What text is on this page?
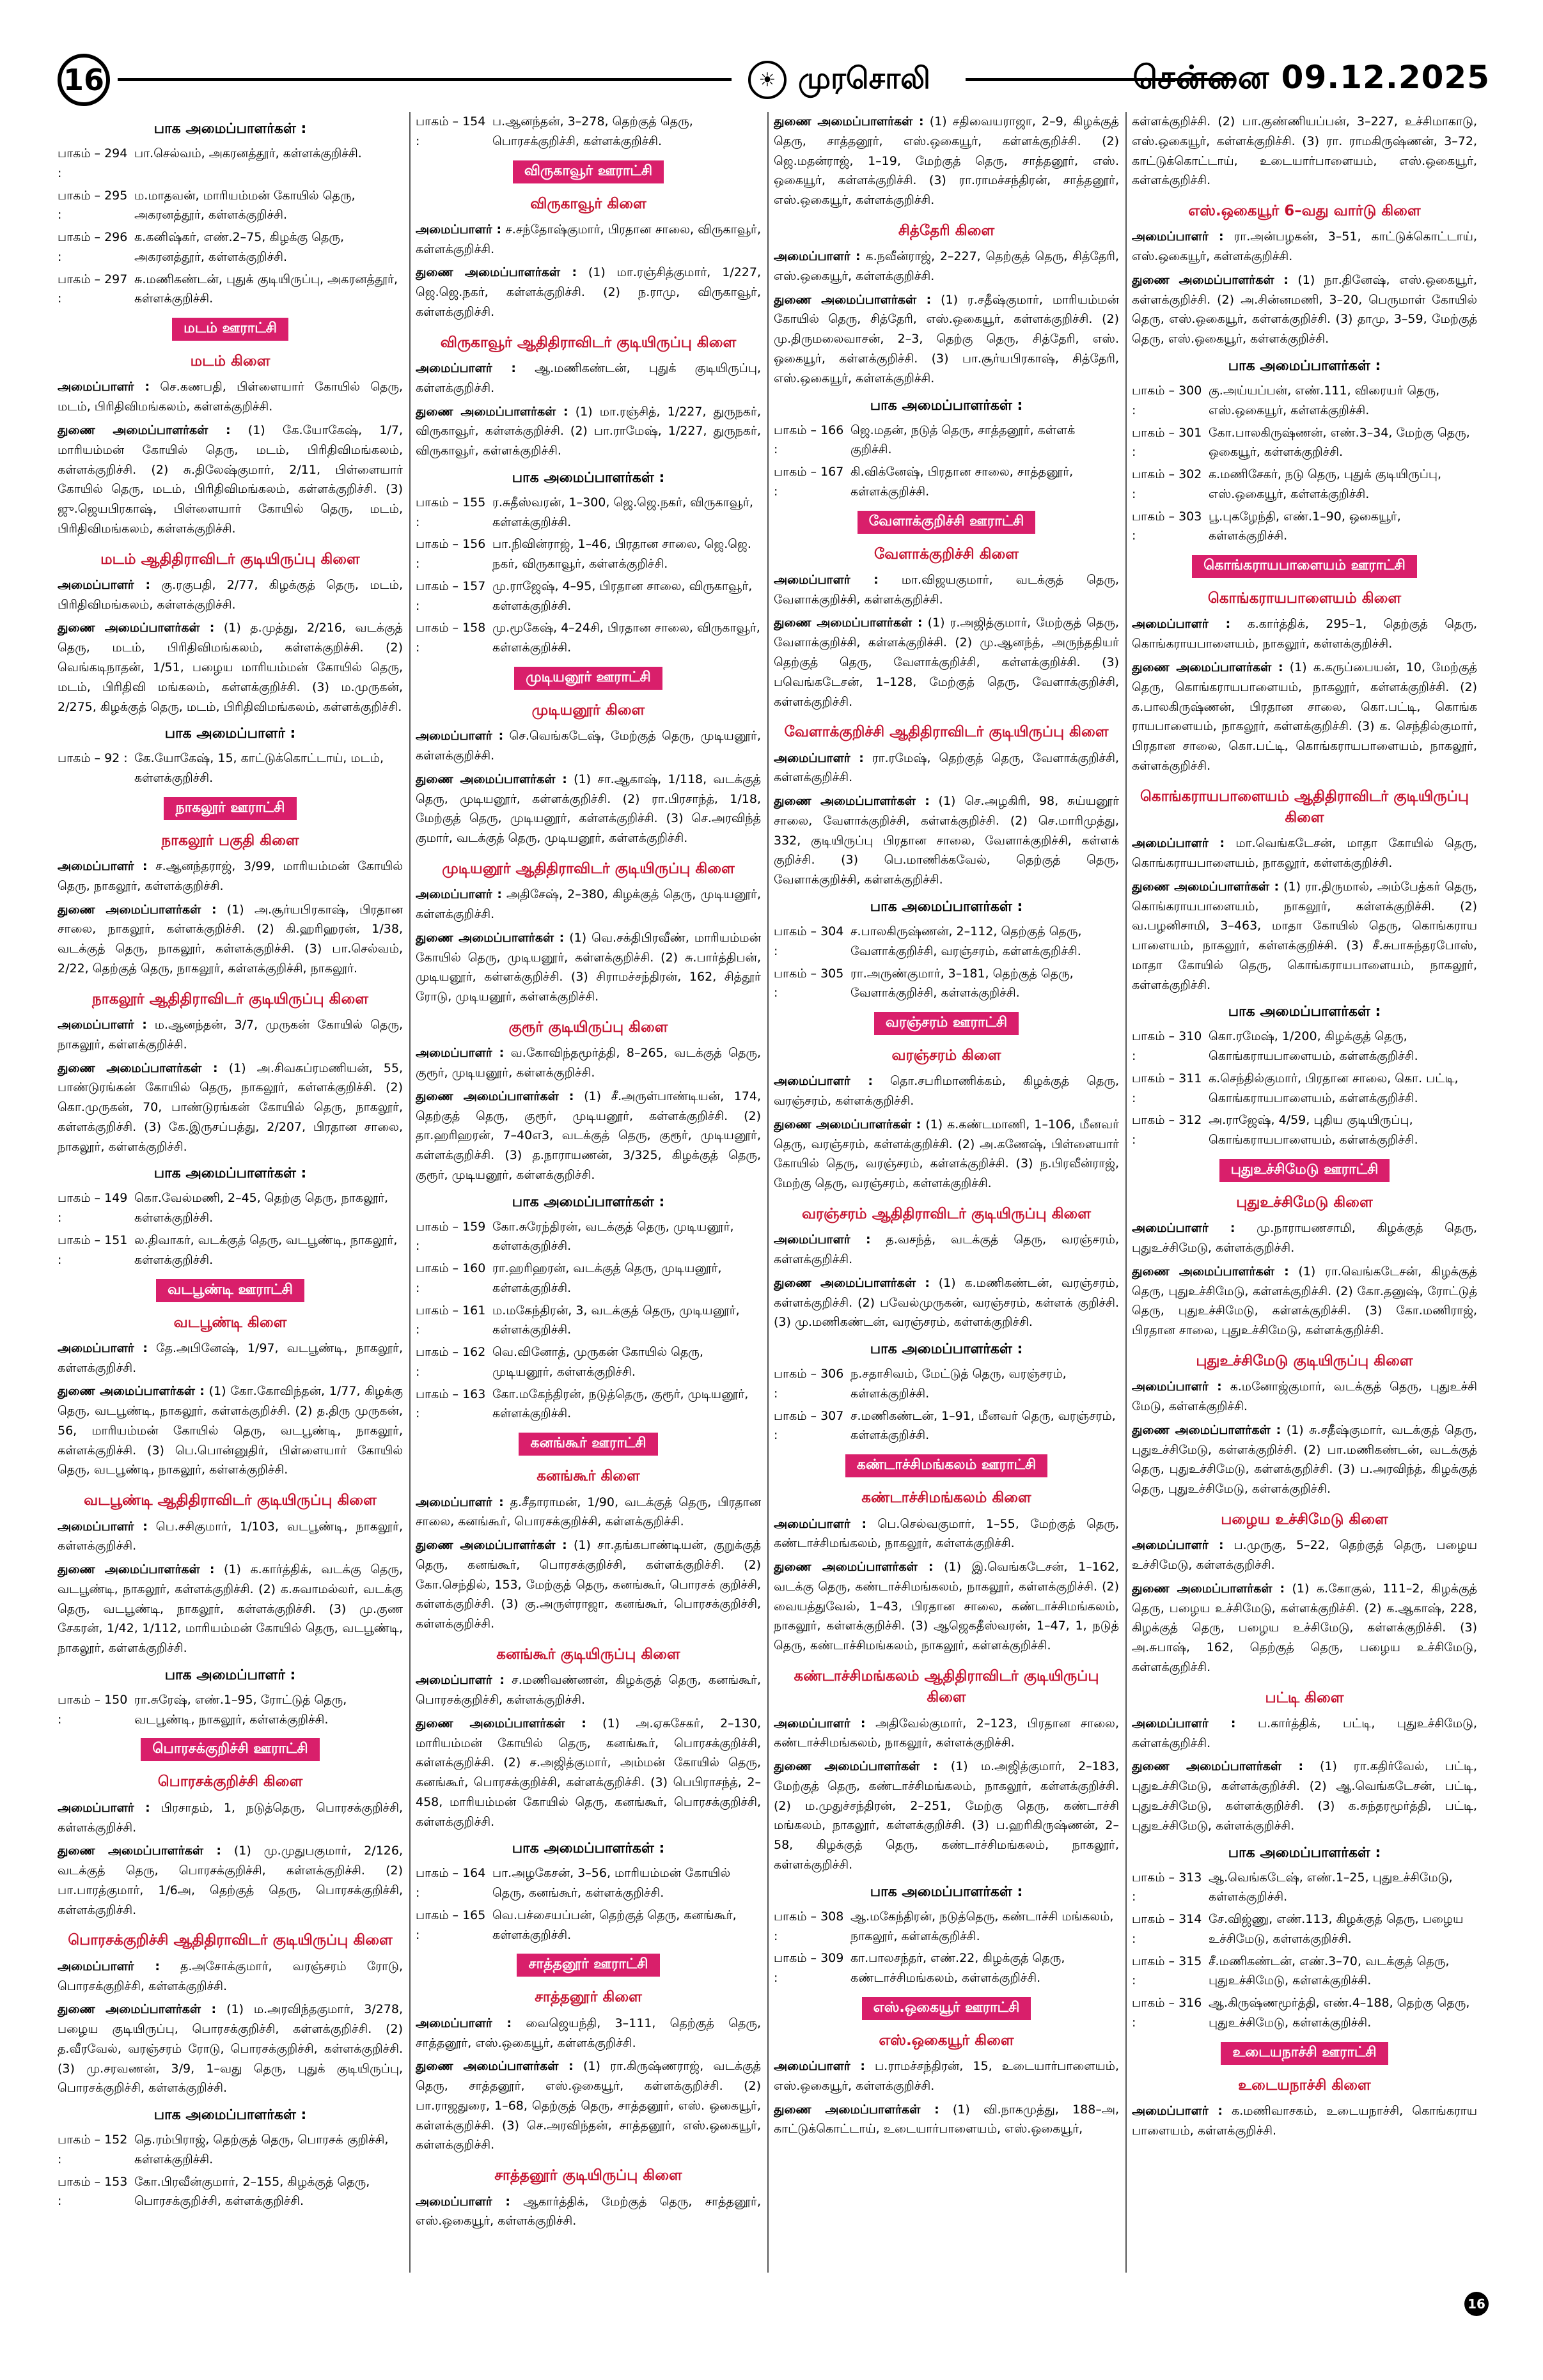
16	☀ முரசொலி	சென்னை 09.12.2025
பாக அமைப்பாளர்கள் :
பாகம் – 294 :
பா.செல்வம், அகரனத்தூர், கள்ளக்குறிச்சி.
பாகம் – 295 :
ம.மாதவன், மாரியம்மன் கோயில் தெரு, அகரனத்தூர், கள்ளக்குறிச்சி.
பாகம் – 296 :
க.கனிஷ்கர், எண்.2–75, கிழக்கு தெரு, அகரனத்தூர், கள்ளக்குறிச்சி.
பாகம் – 297 :
சு.மணிகண்டன், புதுக் குடியிருப்பு, அகரனத்தூர், கள்ளக்குறிச்சி.
மடம் ஊராட்சி
மடம் கிளை

அமைப்பாளர் : செ.கணபதி, பிள்ளையார் கோயில் தெரு, மடம், பிரிதிவிமங்கலம், கள்ளக்குறிச்சி.

துணை அமைப்பாளர்கள் : (1) கே.யோகேஷ், 1/7, மாரியம்மன் கோயில் தெரு, மடம், பிரிதிவிமங்கலம், கள்ளக்குறிச்சி. (2) சு.திலேஷ்குமார், 2/11, பிள்ளையார் கோயில் தெரு, மடம், பிரிதிவிமங்கலம், கள்ளக்குறிச்சி. (3) ஜு.ஜெயபிரகாஷ், பிள்ளையார் கோயில் தெரு, மடம், பிரிதிவிமங்கலம், கள்ளக்குறிச்சி.

மடம் ஆதிதிராவிடர் குடியிருப்பு கிளை

அமைப்பாளர் : கு.ரகுபதி, 2/77, கிழக்குத் தெரு, மடம், பிரிதிவிமங்கலம், கள்ளக்குறிச்சி.

துணை அமைப்பாளர்கள் : (1) த.முத்து, 2/216, வடக்குத் தெரு, மடம், பிரிதிவிமங்கலம், கள்ளக்குறிச்சி. (2) வெங்கடிநாதன், 1/51, பழைய மாரியம்மன் கோயில் தெரு, மடம், பிரிதிவி மங்கலம், கள்ளக்குறிச்சி. (3) ம.முருகன், 2/275, கிழக்குத் தெரு, மடம், பிரிதிவிமங்கலம், கள்ளக்குறிச்சி.

பாக அமைப்பாளர் :
பாகம் – 92 : கே.யோகேஷ், 15, காட்டுக்கொட்டாய், மடம், கள்ளக்குறிச்சி.
நாகலூர் ஊராட்சி
நாகலூர் பகுதி கிளை

அமைப்பாளர் : ச.ஆனந்தராஜ், 3/99, மாரியம்மன் கோயில் தெரு, நாகலூர், கள்ளக்குறிச்சி.

துணை அமைப்பாளர்கள் : (1) அ.சூர்யபிரகாஷ், பிரதான சாலை, நாகலூர், கள்ளக்குறிச்சி. (2) கி.ஹரிஹரன், 1/38, வடக்குத் தெரு, நாகலூர், கள்ளக்குறிச்சி. (3) பா.செல்வம், 2/22, தெற்குத் தெரு, நாகலூர், கள்ளக்குறிச்சி, நாகலூர்.

நாகலூர் ஆதிதிராவிடர் குடியிருப்பு கிளை

அமைப்பாளர் : ம.ஆனந்தன், 3/7, முருகன் கோயில் தெரு, நாகலூர், கள்ளக்குறிச்சி.

துணை அமைப்பாளர்கள் : (1) அ.சிவசுப்ரமணியன், 55, பாண்டுரங்கன் கோயில் தெரு, நாகலூர், கள்ளக்குறிச்சி. (2) கொ.முருகன், 70, பாண்டுரங்கன் கோயில் தெரு, நாகலூர், கள்ளக்குறிச்சி. (3) கே.இருசப்பத்து, 2/207, பிரதான சாலை, நாகலூர், கள்ளக்குறிச்சி.

பாக அமைப்பாளர்கள் :
பாகம் – 149 :
கொ.வேல்மணி, 2–45, தெற்கு தெரு, நாகலூர், கள்ளக்குறிச்சி.
பாகம் – 151 :
ல.திவாகர், வடக்குத் தெரு, வடபூண்டி, நாகலூர், கள்ளக்குறிச்சி.
வடபூண்டி ஊராட்சி
வடபூண்டி கிளை

அமைப்பாளர் : தே.அபினேஷ், 1/97, வடபூண்டி, நாகலூர், கள்ளக்குறிச்சி.

துணை அமைப்பாளர்கள் : (1) கோ.கோவிந்தன், 1/77, கிழக்கு தெரு, வடபூண்டி, நாகலூர், கள்ளக்குறிச்சி. (2) த.திரு முருகன், 56, மாரியம்மன் கோயில் தெரு, வடபூண்டி, நாகலூர், கள்ளக்குறிச்சி. (3) பெ.பொன்னுதிர், பிள்ளையார் கோயில் தெரு, வடபூண்டி, நாகலூர், கள்ளக்குறிச்சி.

வடபூண்டி ஆதிதிராவிடர் குடியிருப்பு கிளை

அமைப்பாளர் : பெ.சசிகுமார், 1/103, வடபூண்டி, நாகலூர், கள்ளக்குறிச்சி.

துணை அமைப்பாளர்கள் : (1) க.கார்த்திக், வடக்கு தெரு, வடபூண்டி, நாகலூர், கள்ளக்குறிச்சி. (2) க.சுவாமல்லர், வடக்கு தெரு, வடபூண்டி, நாகலூர், கள்ளக்குறிச்சி. (3) மு.குண சேகரன், 1/42, 1/112, மாரியம்மன் கோயில் தெரு, வடபூண்டி, நாகலூர், கள்ளக்குறிச்சி.

பாக அமைப்பாளர் :
பாகம் – 150 :
ரா.சுரேஷ், எண்.1–95, ரோட்டுத் தெரு, வடபூண்டி, நாகலூர், கள்ளக்குறிச்சி.
பொரசக்குறிச்சி ஊராட்சி
பொரசக்குறிச்சி கிளை

அமைப்பாளர் : பிரசாதம், 1, நடுத்தெரு, பொரசக்குறிச்சி, கள்ளக்குறிச்சி.

துணை அமைப்பாளர்கள் : (1) மு.முதுபகுமார், 2/126, வடக்குத் தெரு, பொரசக்குறிச்சி, கள்ளக்குறிச்சி. (2) பா.பாரத்குமார், 1/6அ, தெற்குத் தெரு, பொரசக்குறிச்சி, கள்ளக்குறிச்சி.

பொரசக்குறிச்சி ஆதிதிராவிடர் குடியிருப்பு கிளை

அமைப்பாளர் : த.அசோக்குமார், வரஞ்சரம் ரோடு, பொரசக்குறிச்சி, கள்ளக்குறிச்சி.

துணை அமைப்பாளர்கள் : (1) ம.அரவிந்தகுமார், 3/278, பழைய குடியிருப்பு, பொரசக்குறிச்சி, கள்ளக்குறிச்சி. (2) த.வீரவேல், வரஞ்சரம் ரோடு, பொரசக்குறிச்சி, கள்ளக்குறிச்சி. (3) மு.சரவணன், 3/9, 1–வது தெரு, புதுக் குடியிருப்பு, பொரசக்குறிச்சி, கள்ளக்குறிச்சி.

பாக அமைப்பாளர்கள் :
பாகம் – 152 :
தெ.ரம்பிராஜ், தெற்குத் தெரு, பொரசக் குறிச்சி, கள்ளக்குறிச்சி.
பாகம் – 153 :
கோ.பிரவீன்குமார், 2–155, கிழக்குத் தெரு, பொரசக்குறிச்சி, கள்ளக்குறிச்சி.
பாகம் – 154 :
ப.ஆனந்தன், 3–278, தெற்குத் தெரு, பொரசக்குறிச்சி, கள்ளக்குறிச்சி.
விருகாவூர் ஊராட்சி
விருகாவூர் கிளை

அமைப்பாளர் : ச.சந்தோஷ்குமார், பிரதான சாலை, விருகாவூர், கள்ளக்குறிச்சி.

துணை அமைப்பாளர்கள் : (1) மா.ரஞ்சித்குமார், 1/227, ஜெ.ஜெ.நகர், கள்ளக்குறிச்சி. (2) ந.ராமு, விருகாவூர், கள்ளக்குறிச்சி.

விருகாவூர் ஆதிதிராவிடர் குடியிருப்பு கிளை

அமைப்பாளர் : ஆ.மணிகண்டன், புதுக் குடியிருப்பு, கள்ளக்குறிச்சி.

துணை அமைப்பாளர்கள் : (1) மா.ரஞ்சித், 1/227, துருநகர், விருகாவூர், கள்ளக்குறிச்சி. (2) பா.ராமேஷ், 1/227, துருநகர், விருகாவூர், கள்ளக்குறிச்சி.

பாக அமைப்பாளர்கள் :
பாகம் – 155 :
ர.சுதீஸ்வரன், 1–300, ஜெ.ஜெ.நகர், விருகாவூர், கள்ளக்குறிச்சி.
பாகம் – 156 :
பா.நிவின்ராஜ், 1–46, பிரதான சாலை, ஜெ.ஜெ. நகர், விருகாவூர், கள்ளக்குறிச்சி.
பாகம் – 157 :
மு.ராஜேஷ், 4–95, பிரதான சாலை, விருகாவூர், கள்ளக்குறிச்சி.
பாகம் – 158 :
மு.மூகேஷ், 4–24சி, பிரதான சாலை, விருகாவூர், கள்ளக்குறிச்சி.
முடியனூர் ஊராட்சி
முடியனூர் கிளை

அமைப்பாளர் : செ.வெங்கடேஷ், மேற்குத் தெரு, முடியனூர், கள்ளக்குறிச்சி.

துணை அமைப்பாளர்கள் : (1) சா.ஆகாஷ், 1/118, வடக்குத் தெரு, முடியனூர், கள்ளக்குறிச்சி. (2) ரா.பிரசாந்த், 1/18, மேற்குத் தெரு, முடியனூர், கள்ளக்குறிச்சி. (3) செ.அரவிந்த் குமார், வடக்குத் தெரு, முடியனூர், கள்ளக்குறிச்சி.

முடியனூர் ஆதிதிராவிடர் குடியிருப்பு கிளை

அமைப்பாளர் : அதிசேஷ், 2–380, கிழக்குத் தெரு, முடியனூர், கள்ளக்குறிச்சி.

துணை அமைப்பாளர்கள் : (1) வெ.சக்திபிரவீண், மாரியம்மன் கோயில் தெரு, முடியனூர், கள்ளக்குறிச்சி. (2) சு.பார்த்திபன், முடியனூர், கள்ளக்குறிச்சி. (3) சிராமச்சந்திரன், 162, சித்தூர் ரோடு, முடியனூர், கள்ளக்குறிச்சி.

குரூர் குடியிருப்பு கிளை

அமைப்பாளர் : வ.கோவிந்தமூர்த்தி, 8–265, வடக்குத் தெரு, குரூர், முடியனூர், கள்ளக்குறிச்சி.

துணை அமைப்பாளர்கள் : (1) சீ.அருள்பாண்டியன், 174, தெற்குத் தெரு, குரூர், முடியனூர், கள்ளக்குறிச்சி. (2) தா.ஹரிஹரன், 7–40எ3, வடக்குத் தெரு, குரூர், முடியனூர், கள்ளக்குறிச்சி. (3) த.நாராயணன், 3/325, கிழக்குத் தெரு, குரூர், முடியனூர், கள்ளக்குறிச்சி.

பாக அமைப்பாளர்கள் :
பாகம் – 159 :
கோ.சுரேந்திரன், வடக்குத் தெரு, முடியனூர், கள்ளக்குறிச்சி.
பாகம் – 160 :
ரா.ஹரிஹரன், வடக்குத் தெரு, முடியனூர், கள்ளக்குறிச்சி.
பாகம் – 161 :
ம.மகேந்திரன், 3, வடக்குத் தெரு, முடியனூர், கள்ளக்குறிச்சி.
பாகம் – 162 :
வெ.வினோத், முருகன் கோயில் தெரு, முடியனூர், கள்ளக்குறிச்சி.
பாகம் – 163 :
கோ.மகேந்திரன், நடுத்தெரு, குரூர், முடியனூர், கள்ளக்குறிச்சி.
கனங்கூர் ஊராட்சி
கனங்கூர் கிளை

அமைப்பாளர் : த.சீதாராமன், 1/90, வடக்குத் தெரு, பிரதான சாலை, கனங்கூர், பொரசக்குறிச்சி, கள்ளக்குறிச்சி.

துணை அமைப்பாளர்கள் : (1) சா.தங்கபாண்டியன், குறுக்குத் தெரு, கனங்கூர், பொரசக்குறிச்சி, கள்ளக்குறிச்சி. (2) கோ.செந்தில், 153, மேற்குத் தெரு, கனங்கூர், பொரசக் குறிச்சி, கள்ளக்குறிச்சி. (3) கு.அருள்ராஜா, கனங்கூர், பொரசக்குறிச்சி, கள்ளக்குறிச்சி.

கனங்கூர் குடியிருப்பு கிளை

அமைப்பாளர் : ச.மணிவண்ணன், கிழக்குத் தெரு, கனங்கூர், பொரசக்குறிச்சி, கள்ளக்குறிச்சி.

துணை அமைப்பாளர்கள் : (1) அ.ஏசுசேகர், 2–130, மாரியம்மன் கோயில் தெரு, கனங்கூர், பொரசக்குறிச்சி, கள்ளக்குறிச்சி. (2) ச.அஜித்குமார், அம்மன் கோயில் தெரு, கனங்கூர், பொரசக்குறிச்சி, கள்ளக்குறிச்சி. (3) பெபிராசந்த், 2–458, மாரியம்மன் கோயில் தெரு, கனங்கூர், பொரசக்குறிச்சி, கள்ளக்குறிச்சி.

பாக அமைப்பாளர்கள் :
பாகம் – 164 :
பா.அழகேசன், 3–56, மாரியம்மன் கோயில் தெரு, கனங்கூர், கள்ளக்குறிச்சி.
பாகம் – 165 :
வெ.பச்சையப்பன், தெற்குத் தெரு, கனங்கூர், கள்ளக்குறிச்சி.
சாத்தனூர் ஊராட்சி
சாத்தனூர் கிளை

அமைப்பாளர் : வைஜெயந்தி, 3–111, தெற்குத் தெரு, சாத்தனூர், எஸ்.ஒகையூர், கள்ளக்குறிச்சி.

துணை அமைப்பாளர்கள் : (1) ரா.கிருஷ்ணராஜ், வடக்குத் தெரு, சாத்தனூர், எஸ்.ஒகையூர், கள்ளக்குறிச்சி. (2) பா.ராஜதுரை, 1–68, தெற்குத் தெரு, சாத்தனூர், எஸ். ஒகையூர், கள்ளக்குறிச்சி. (3) செ.அரவிந்தன், சாத்தனூர், எஸ்.ஒகையூர், கள்ளக்குறிச்சி.

சாத்தனூர் குடியிருப்பு கிளை

அமைப்பாளர் : ஆகார்த்திக், மேற்குத் தெரு, சாத்தனூர், எஸ்.ஒகையூர், கள்ளக்குறிச்சி.

துணை அமைப்பாளர்கள் : (1) சதிவையராஜா, 2–9, கிழக்குத் தெரு, சாத்தனூர், எஸ்.ஒகையூர், கள்ளக்குறிச்சி. (2) ஜெ.மதன்ராஜ், 1–19, மேற்குத் தெரு, சாத்தனூர், எஸ். ஒகையூர், கள்ளக்குறிச்சி. (3) ரா.ராமச்சந்திரன், சாத்தனூர், எஸ்.ஒகையூர், கள்ளக்குறிச்சி.

சித்தேரி கிளை

அமைப்பாளர் : க.நவீன்ராஜ், 2–227, தெற்குத் தெரு, சித்தேரி, எஸ்.ஒகையூர், கள்ளக்குறிச்சி.

துணை அமைப்பாளர்கள் : (1) ர.சதீஷ்குமார், மாரியம்மன் கோயில் தெரு, சித்தேரி, எஸ்.ஒகையூர், கள்ளக்குறிச்சி. (2) மு.திருமலைவாசன், 2–3, தெற்கு தெரு, சித்தேரி, எஸ். ஒகையூர், கள்ளக்குறிச்சி. (3) பா.சூர்யபிரகாஷ், சித்தேரி, எஸ்.ஒகையூர், கள்ளக்குறிச்சி.

பாக அமைப்பாளர்கள் :
பாகம் – 166 :
ஜெ.மதன், நடுத் தெரு, சாத்தனூர், கள்ளக் குறிச்சி.
பாகம் – 167 :
கி.விக்னேஷ், பிரதான சாலை, சாத்தனூர், கள்ளக்குறிச்சி.
வேளாக்குறிச்சி ஊராட்சி
வேளாக்குறிச்சி கிளை

அமைப்பாளர் : மா.விஜயகுமார், வடக்குத் தெரு, வேளாக்குறிச்சி, கள்ளக்குறிச்சி.

துணை அமைப்பாளர்கள் : (1) ர.அஜித்குமார், மேற்குத் தெரு, வேளாக்குறிச்சி, கள்ளக்குறிச்சி. (2) மு.ஆனந்த், அருந்ததியர் தெற்குத் தெரு, வேளாக்குறிச்சி, கள்ளக்குறிச்சி. (3) பவெங்கடேசன், 1–128, மேற்குத் தெரு, வேளாக்குறிச்சி, கள்ளக்குறிச்சி.

வேளாக்குறிச்சி ஆதிதிராவிடர் குடியிருப்பு கிளை

அமைப்பாளர் : ரா.ரமேஷ், தெற்குத் தெரு, வேளாக்குறிச்சி, கள்ளக்குறிச்சி.

துணை அமைப்பாளர்கள் : (1) செ.அழகிரி, 98, சுய்யனூர் சாலை, வேளாக்குறிச்சி, கள்ளக்குறிச்சி. (2) செ.மாரிமுத்து, 332, குடியிருப்பு பிரதான சாலை, வேளாக்குறிச்சி, கள்ளக் குறிச்சி. (3) பெ.மாணிக்கவேல், தெற்குத் தெரு, வேளாக்குறிச்சி, கள்ளக்குறிச்சி.

பாக அமைப்பாளர்கள் :
பாகம் – 304 :
ச.பாலகிருஷ்ணன், 2–112, தெற்குத் தெரு, வேளாக்குறிச்சி, வரஞ்சரம், கள்ளக்குறிச்சி.
பாகம் – 305 :
ரா.அருண்குமார், 3–181, தெற்குத் தெரு, வேளாக்குறிச்சி, கள்ளக்குறிச்சி.
வரஞ்சரம் ஊராட்சி
வரஞ்சரம் கிளை

அமைப்பாளர் : தொ.சபரிமாணிக்கம், கிழக்குத் தெரு, வரஞ்சரம், கள்ளக்குறிச்சி.

துணை அமைப்பாளர்கள் : (1) க.கண்டமாணி, 1–106, மீனவர் தெரு, வரஞ்சரம், கள்ளக்குறிச்சி. (2) அ.கணேஷ், பிள்ளையார் கோயில் தெரு, வரஞ்சரம், கள்ளக்குறிச்சி. (3) ந.பிரவீன்ராஜ், மேற்கு தெரு, வரஞ்சரம், கள்ளக்குறிச்சி.

வரஞ்சரம் ஆதிதிராவிடர் குடியிருப்பு கிளை

அமைப்பாளர் : த.வசந்த், வடக்குத் தெரு, வரஞ்சரம், கள்ளக்குறிச்சி.

துணை அமைப்பாளர்கள் : (1) க.மணிகண்டன், வரஞ்சரம், கள்ளக்குறிச்சி. (2) பவேல்முருகன், வரஞ்சரம், கள்ளக் குறிச்சி. (3) மு.மணிகண்டன், வரஞ்சரம், கள்ளக்குறிச்சி.

பாக அமைப்பாளர்கள் :
பாகம் – 306 :
ந.சதாசிவம், மேட்டுத் தெரு, வரஞ்சரம், கள்ளக்குறிச்சி.
பாகம் – 307 :
ச.மணிகண்டன், 1–91, மீனவர் தெரு, வரஞ்சரம், கள்ளக்குறிச்சி.
கண்டாச்சிமங்கலம் ஊராட்சி
கண்டாச்சிமங்கலம் கிளை

அமைப்பாளர் : பெ.செல்வகுமார், 1–55, மேற்குத் தெரு, கண்டாச்சிமங்கலம், நாகலூர், கள்ளக்குறிச்சி.

துணை அமைப்பாளர்கள் : (1) இ.வெங்கடேசன், 1–162, வடக்கு தெரு, கண்டாச்சிமங்கலம், நாகலூர், கள்ளக்குறிச்சி. (2) வையத்துவேல், 1–43, பிரதான சாலை, கண்டாச்சிமங்கலம், நாகலூர், கள்ளக்குறிச்சி. (3) ஆஜெகதீஸ்வரன், 1–47, 1, நடுத் தெரு, கண்டாச்சிமங்கலம், நாகலூர், கள்ளக்குறிச்சி.

கண்டாச்சிமங்கலம் ஆதிதிராவிடர் குடியிருப்பு கிளை

அமைப்பாளர் : அதிவேல்குமார், 2–123, பிரதான சாலை, கண்டாச்சிமங்கலம், நாகலூர், கள்ளக்குறிச்சி.

துணை அமைப்பாளர்கள் : (1) ம.அஜித்குமார், 2–183, மேற்குத் தெரு, கண்டாச்சிமங்கலம், நாகலூர், கள்ளக்குறிச்சி. (2) ம.முதுச்சந்திரன், 2–251, மேற்கு தெரு, கண்டாச்சி மங்கலம், நாகலூர், கள்ளக்குறிச்சி. (3) ப.ஹரிகிருஷ்ணன், 2–58, கிழக்குத் தெரு, கண்டாச்சிமங்கலம், நாகலூர், கள்ளக்குறிச்சி.

பாக அமைப்பாளர்கள் :
பாகம் – 308 :
ஆ.மகேந்திரன், நடுத்தெரு, கண்டாச்சி மங்கலம், நாகலூர், கள்ளக்குறிச்சி.
பாகம் – 309 :
கா.பாலசந்தர், எண்.22, கிழக்குத் தெரு, கண்டாச்சிமங்கலம், கள்ளக்குறிச்சி.
எஸ்.ஒகையூர் ஊராட்சி
எஸ்.ஒகையூர் கிளை

அமைப்பாளர் : ப.ராமச்சந்திரன், 15, உடையார்பாளையம், எஸ்.ஒகையூர், கள்ளக்குறிச்சி.

துணை அமைப்பாளர்கள் : (1) வி.நாகமுத்து, 188–அ, காட்டுக்கொட்டாய், உடையார்பாளையம், எஸ்.ஒகையூர்,

கள்ளக்குறிச்சி. (2) பா.குண்ணியப்பன், 3–227, உச்சிமாகாடு, எஸ்.ஒகையூர், கள்ளக்குறிச்சி. (3) ரா. ராமகிருஷ்ணன், 3–72, காட்டுக்கொட்டாய், உடையார்பாளையம், எஸ்.ஒகையூர், கள்ளக்குறிச்சி.

எஸ்.ஒகையூர் 6–வது வார்டு கிளை

அமைப்பாளர் : ரா.அன்பழகன், 3–51, காட்டுக்கொட்டாய், எஸ்.ஒகையூர், கள்ளக்குறிச்சி.

துணை அமைப்பாளர்கள் : (1) நா.தினேஷ், எஸ்.ஒகையூர், கள்ளக்குறிச்சி. (2) அ.சின்னமணி, 3–20, பெருமாள் கோயில் தெரு, எஸ்.ஒகையூர், கள்ளக்குறிச்சி. (3) தாமு, 3–59, மேற்குத் தெரு, எஸ்.ஒகையூர், கள்ளக்குறிச்சி.

பாக அமைப்பாளர்கள் :
பாகம் – 300 :
கு.அய்யப்பன், எண்.111, விரையர் தெரு, எஸ்.ஒகையூர், கள்ளக்குறிச்சி.
பாகம் – 301 :
கோ.பாலகிருஷ்ணன், எண்.3–34, மேற்கு தெரு, ஒகையூர், கள்ளக்குறிச்சி.
பாகம் – 302 :
க.மணிசேகர், நடு தெரு, புதுக் குடியிருப்பு, எஸ்.ஒகையூர், கள்ளக்குறிச்சி.
பாகம் – 303 :
பூ.புகழேந்தி, எண்.1–90, ஒகையூர், கள்ளக்குறிச்சி.
கொங்கராயபாளையம் ஊராட்சி
கொங்கராயபாளையம் கிளை

அமைப்பாளர் : க.கார்த்திக், 295–1, தெற்குத் தெரு, கொங்கராயபாளையம், நாகலூர், கள்ளக்குறிச்சி.

துணை அமைப்பாளர்கள் : (1) க.கருப்பையன், 10, மேற்குத் தெரு, கொங்கராயபாளையம், நாகலூர், கள்ளக்குறிச்சி. (2) க.பாலகிருஷ்ணன், பிரதான சாலை, கொ.பட்டி, கொங்க ராயபாளையம், நாகலூர், கள்ளக்குறிச்சி. (3) க. செந்தில்குமார், பிரதான சாலை, கொ.பட்டி, கொங்கராயபாளையம், நாகலூர், கள்ளக்குறிச்சி.

கொங்கராயபாளையம் ஆதிதிராவிடர் குடியிருப்பு கிளை

அமைப்பாளர் : மா.வெங்கடேசன், மாதா கோயில் தெரு, கொங்கராயபாளையம், நாகலூர், கள்ளக்குறிச்சி.

துணை அமைப்பாளர்கள் : (1) ரா.திருமால், அம்பேத்கர் தெரு, கொங்கராயபாளையம், நாகலூர், கள்ளக்குறிச்சி. (2) வ.பழனிசாமி, 3–463, மாதா கோயில் தெரு, கொங்கராய பாளையம், நாகலூர், கள்ளக்குறிச்சி. (3) சீ.சுபாசுந்தரபோஸ், மாதா கோயில் தெரு, கொங்கராயபாளையம், நாகலூர், கள்ளக்குறிச்சி.

பாக அமைப்பாளர்கள் :
பாகம் – 310 :
கொ.ரமேஷ், 1/200, கிழக்குத் தெரு, கொங்கராயபாளையம், கள்ளக்குறிச்சி.
பாகம் – 311 :
க.செந்தில்குமார், பிரதான சாலை, கொ. பட்டி, கொங்கராயபாளையம், கள்ளக்குறிச்சி.
பாகம் – 312 :
அ.ராஜேஷ், 4/59, புதிய குடியிருப்பு, கொங்கராயபாளையம், கள்ளக்குறிச்சி.
புதுஉச்சிமேடு ஊராட்சி
புதுஉச்சிமேடு கிளை

அமைப்பாளர் : மு.நாராயணசாமி, கிழக்குத் தெரு, புதுஉச்சிமேடு, கள்ளக்குறிச்சி.

துணை அமைப்பாளர்கள் : (1) ரா.வெங்கடேசன், கிழக்குத் தெரு, புதுஉச்சிமேடு, கள்ளக்குறிச்சி. (2) கோ.தனுஷ், ரோட்டுத் தெரு, புதுஉச்சிமேடு, கள்ளக்குறிச்சி. (3) கோ.மணிராஜ், பிரதான சாலை, புதுஉச்சிமேடு, கள்ளக்குறிச்சி.

புதுஉச்சிமேடு குடியிருப்பு கிளை

அமைப்பாளர் : க.மனோஜ்குமார், வடக்குத் தெரு, புதுஉச்சி மேடு, கள்ளக்குறிச்சி.

துணை அமைப்பாளர்கள் : (1) சு.சதீஷ்குமார், வடக்குத் தெரு, புதுஉச்சிமேடு, கள்ளக்குறிச்சி. (2) பா.மணிகண்டன், வடக்குத் தெரு, புதுஉச்சிமேடு, கள்ளக்குறிச்சி. (3) ப.அரவிந்த், கிழக்குத் தெரு, புதுஉச்சிமேடு, கள்ளக்குறிச்சி.

பழைய உச்சிமேடு கிளை

அமைப்பாளர் : ப.முருகு, 5–22, தெற்குத் தெரு, பழைய உச்சிமேடு, கள்ளக்குறிச்சி.

துணை அமைப்பாளர்கள் : (1) க.கோகுல், 111–2, கிழக்குத் தெரு, பழைய உச்சிமேடு, கள்ளக்குறிச்சி. (2) க.ஆகாஷ், 228, கிழக்குத் தெரு, பழைய உச்சிமேடு, கள்ளக்குறிச்சி. (3) அ.சுபாஷ், 162, தெற்குத் தெரு, பழைய உச்சிமேடு, கள்ளக்குறிச்சி.

பட்டி கிளை

அமைப்பாளர் : ப.கார்த்திக், பட்டி, புதுஉச்சிமேடு, கள்ளக்குறிச்சி.

துணை அமைப்பாளர்கள் : (1) ரா.கதிர்வேல், பட்டி, புதுஉச்சிமேடு, கள்ளக்குறிச்சி. (2) ஆ.வெங்கடேசன், பட்டி, புதுஉச்சிமேடு, கள்ளக்குறிச்சி. (3) க.சுந்தரமூர்த்தி, பட்டி, புதுஉச்சிமேடு, கள்ளக்குறிச்சி.

பாக அமைப்பாளர்கள் :
பாகம் – 313 :
ஆ.வெங்கடேஷ், எண்.1–25, புதுஉச்சிமேடு, கள்ளக்குறிச்சி.
பாகம் – 314 :
சே.விஜ்ணு, எண்.113, கிழக்குத் தெரு, பழைய உச்சிமேடு, கள்ளக்குறிச்சி.
பாகம் – 315 :
சீ.மணிகண்டன், எண்.3–70, வடக்குத் தெரு, புதுஉச்சிமேடு, கள்ளக்குறிச்சி.
பாகம் – 316 :
ஆ.கிருஷ்ணமூர்த்தி, எண்.4–188, தெற்கு தெரு, புதுஉச்சிமேடு, கள்ளக்குறிச்சி.
உடையநாச்சி ஊராட்சி
உடையநாச்சி கிளை

அமைப்பாளர் : க.மணிவாசகம், உடையநாச்சி, கொங்கராய பாளையம், கள்ளக்குறிச்சி.

16
